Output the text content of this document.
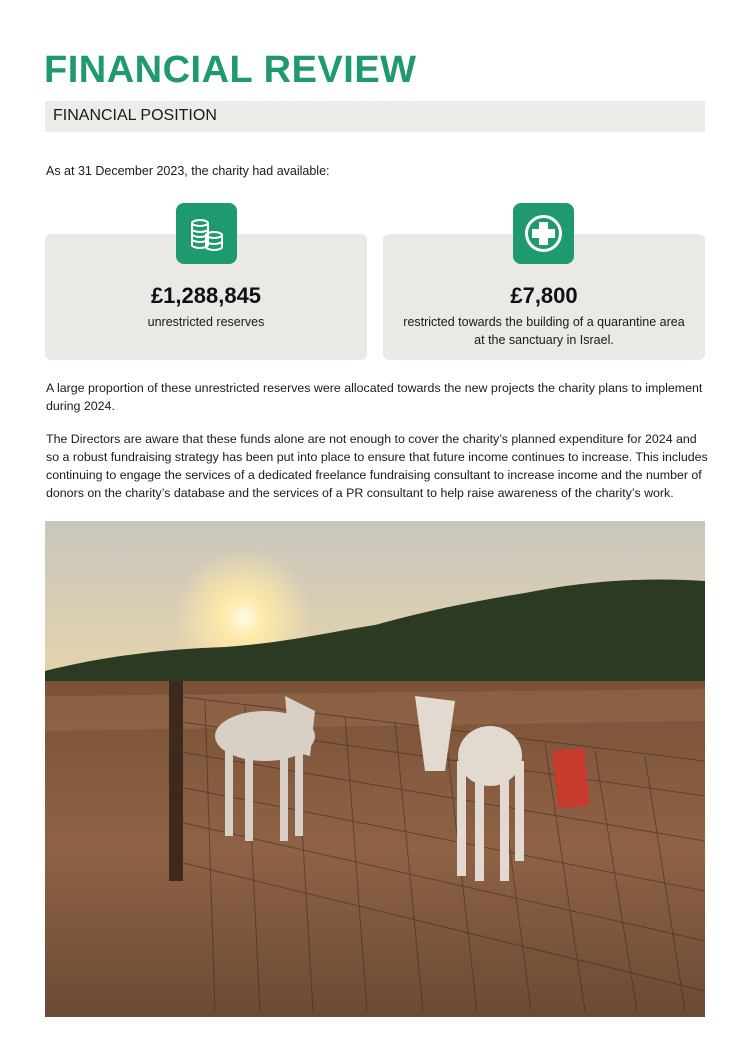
FINANCIAL REVIEW
FINANCIAL POSITION
As at 31 December 2023, the charity had available:
£1,288,845
unrestricted reserves
£7,800
restricted towards the building of a quarantine area at the sanctuary in Israel.

A large proportion of these unrestricted reserves were allocated towards the new projects the charity plans to implement during 2024.

The Directors are aware that these funds alone are not enough to cover the charity’s planned expenditure for 2024 and so a robust fundraising strategy has been put into place to ensure that future income continues to increase. This includes continuing to engage the services of a dedicated freelance fundraising consultant to increase income and the number of donors on the charity’s database and the services of a PR consultant to help raise awareness of the charity’s work.
